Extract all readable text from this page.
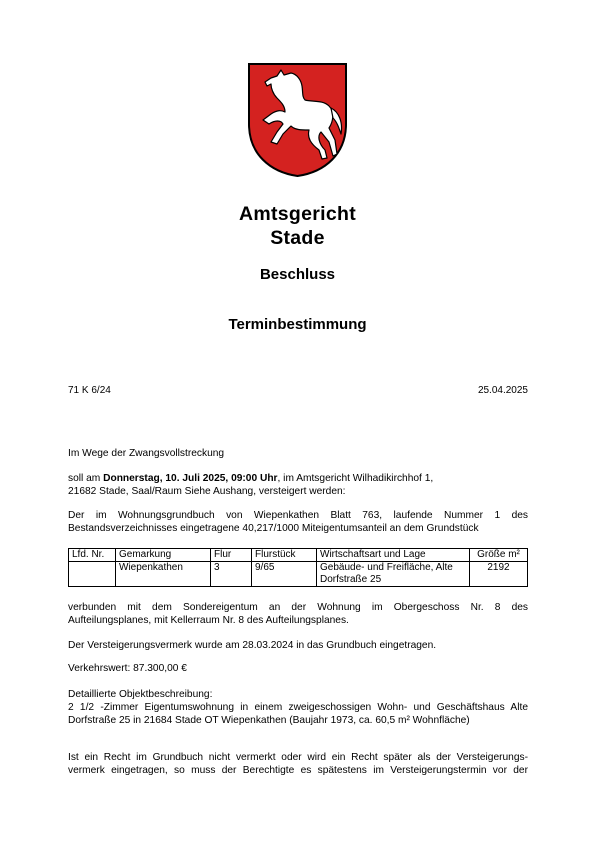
Amtsgericht
Stade
Beschluss
Terminbestimmung
71 K 6/24	25.04.2025
Im Wege der Zwangsvollstreckung
soll am Donnerstag, 10. Juli 2025, 09:00 Uhr, im Amtsgericht Wilhadikirchhof 1,
21682 Stade, Saal/Raum Siehe Aushang, versteigert werden:
Der im Wohnungsgrundbuch von Wiepenkathen Blatt 763, laufende Nummer 1 des
Bestandsverzeichnisses eingetragene 40,217/1000 Miteigentumsanteil an dem Grundstück
Lfd. Nr.	Gemarkung	Flur	Flurstück	Wirtschaftsart und Lage	Größe m²
	Wiepenkathen	3	9/65	Gebäude- und Freifläche, Alte
Dorfstraße 25	2192
verbunden mit dem Sondereigentum an der Wohnung im Obergeschoss Nr. 8 des
Aufteilungsplanes, mit Kellerraum Nr. 8 des Aufteilungsplanes.
Der Versteigerungsvermerk wurde am 28.03.2024 in das Grundbuch eingetragen.
Verkehrswert: 87.300,00 €
Detaillierte Objektbeschreibung:
2 1/2 -Zimmer Eigentumswohnung in einem zweigeschossigen Wohn- und Geschäftshaus Alte
Dorfstraße 25 in 21684 Stade OT Wiepenkathen (Baujahr 1973, ca. 60,5 m² Wohnfläche)
Ist ein Recht im Grundbuch nicht vermerkt oder wird ein Recht später als der Versteigerungs-
vermerk eingetragen, so muss der Berechtigte es spätestens im Versteigerungstermin vor der
